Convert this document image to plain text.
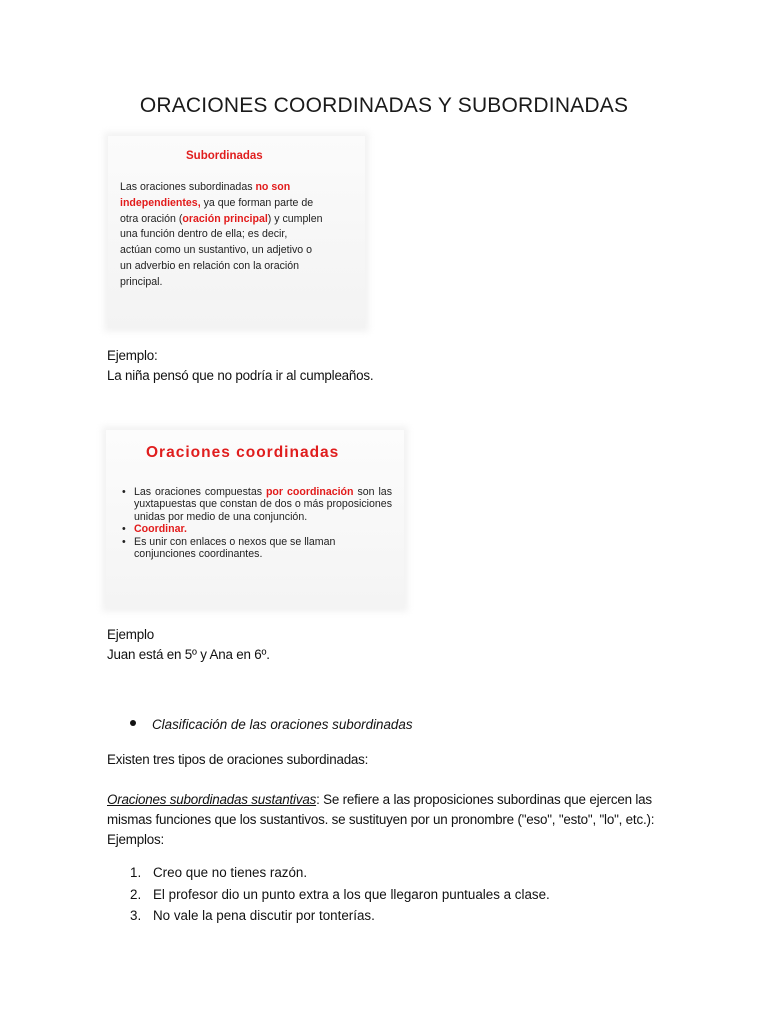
ORACIONES COORDINADAS Y SUBORDINADAS
Subordinadas
Las oraciones subordinadas no son
independientes, ya que forman parte de
otra oración (oración principal) y cumplen
una función dentro de ella; es decir,
actúan como un sustantivo, un adjetivo o
un adverbio en relación con la oración
principal.
Ejemplo:
La niña pensó que no podría ir al cumpleaños.
Oraciones coordinadas
• Las oraciones compuestas por coordinación son las yuxtapuestas que constan de dos o más proposiciones unidas por medio de una conjunción.
• Coordinar.
• Es unir con enlaces o nexos que se llaman conjunciones coordinantes.
Ejemplo
Juan está en 5º y Ana en 6º.
Clasificación de las oraciones subordinadas
Existen tres tipos de oraciones subordinadas:
Oraciones subordinadas sustantivas: Se refiere a las proposiciones subordinas que ejercen las
mismas funciones que los sustantivos. se sustituyen por un pronombre ("eso", "esto", "lo", etc.):
Ejemplos:
1. Creo que no tienes razón.
2. El profesor dio un punto extra a los que llegaron puntuales a clase.
3. No vale la pena discutir por tonterías.
